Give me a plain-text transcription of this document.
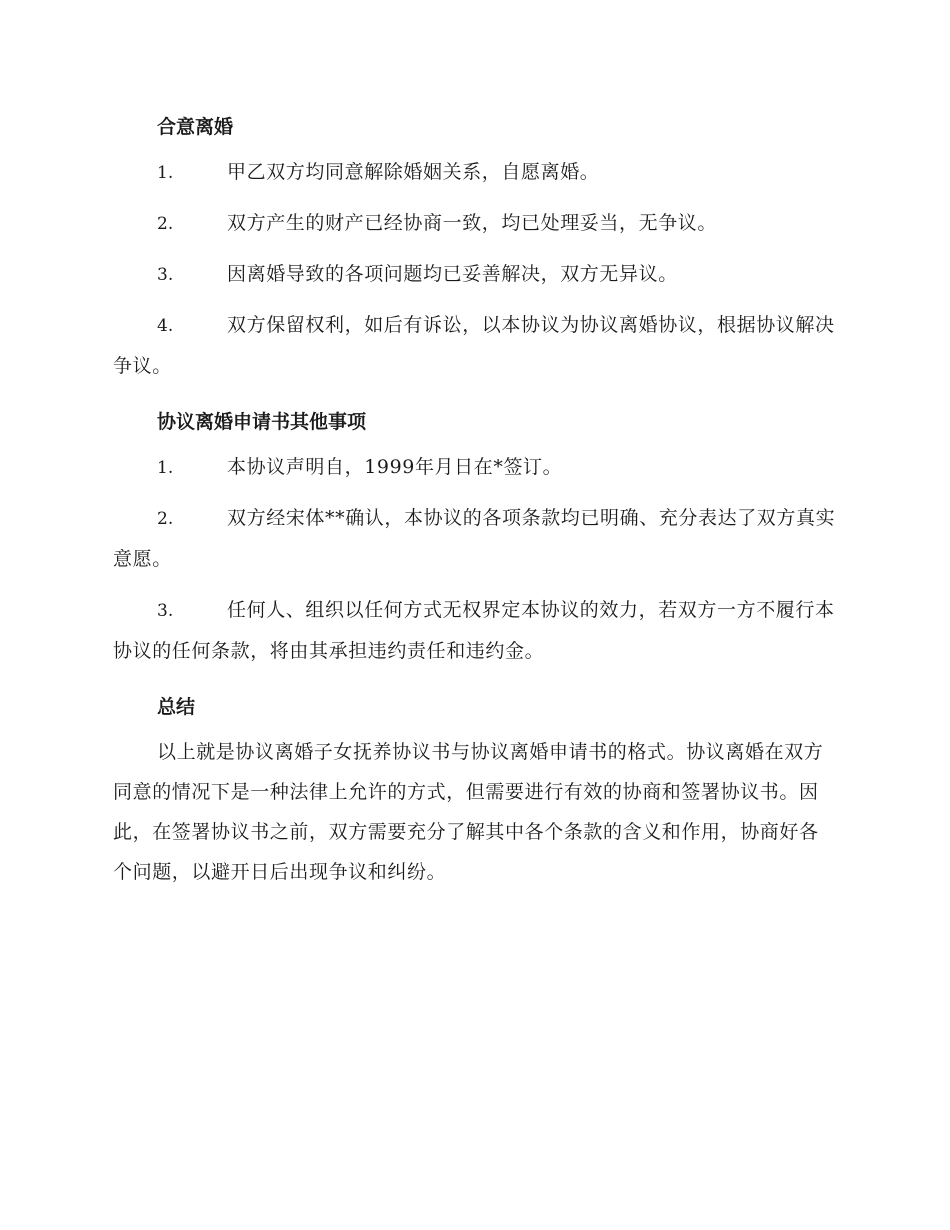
合意离婚

1.	甲乙双方均同意解除婚姻关系，自愿离婚。

2.	双方产生的财产已经协商一致，均已处理妥当，无争议。

3.	因离婚导致的各项问题均已妥善解决，双方无异议。

4.	双方保留权利，如后有诉讼，以本协议为协议离婚协议，根据协议解决争议。

协议离婚申请书其他事项

1.	本协议声明自，1999年月日在*签订。

2.	双方经宋体**确认，本协议的各项条款均已明确、充分表达了双方真实意愿。

3.	任何人、组织以任何方式无权界定本协议的效力，若双方一方不履行本协议的任何条款，将由其承担违约责任和违约金。

总结

以上就是协议离婚子女抚养协议书与协议离婚申请书的格式。协议离婚在双方同意的情况下是一种法律上允许的方式，但需要进行有效的协商和签署协议书。因此，在签署协议书之前，双方需要充分了解其中各个条款的含义和作用，协商好各个问题，以避开日后出现争议和纠纷。
